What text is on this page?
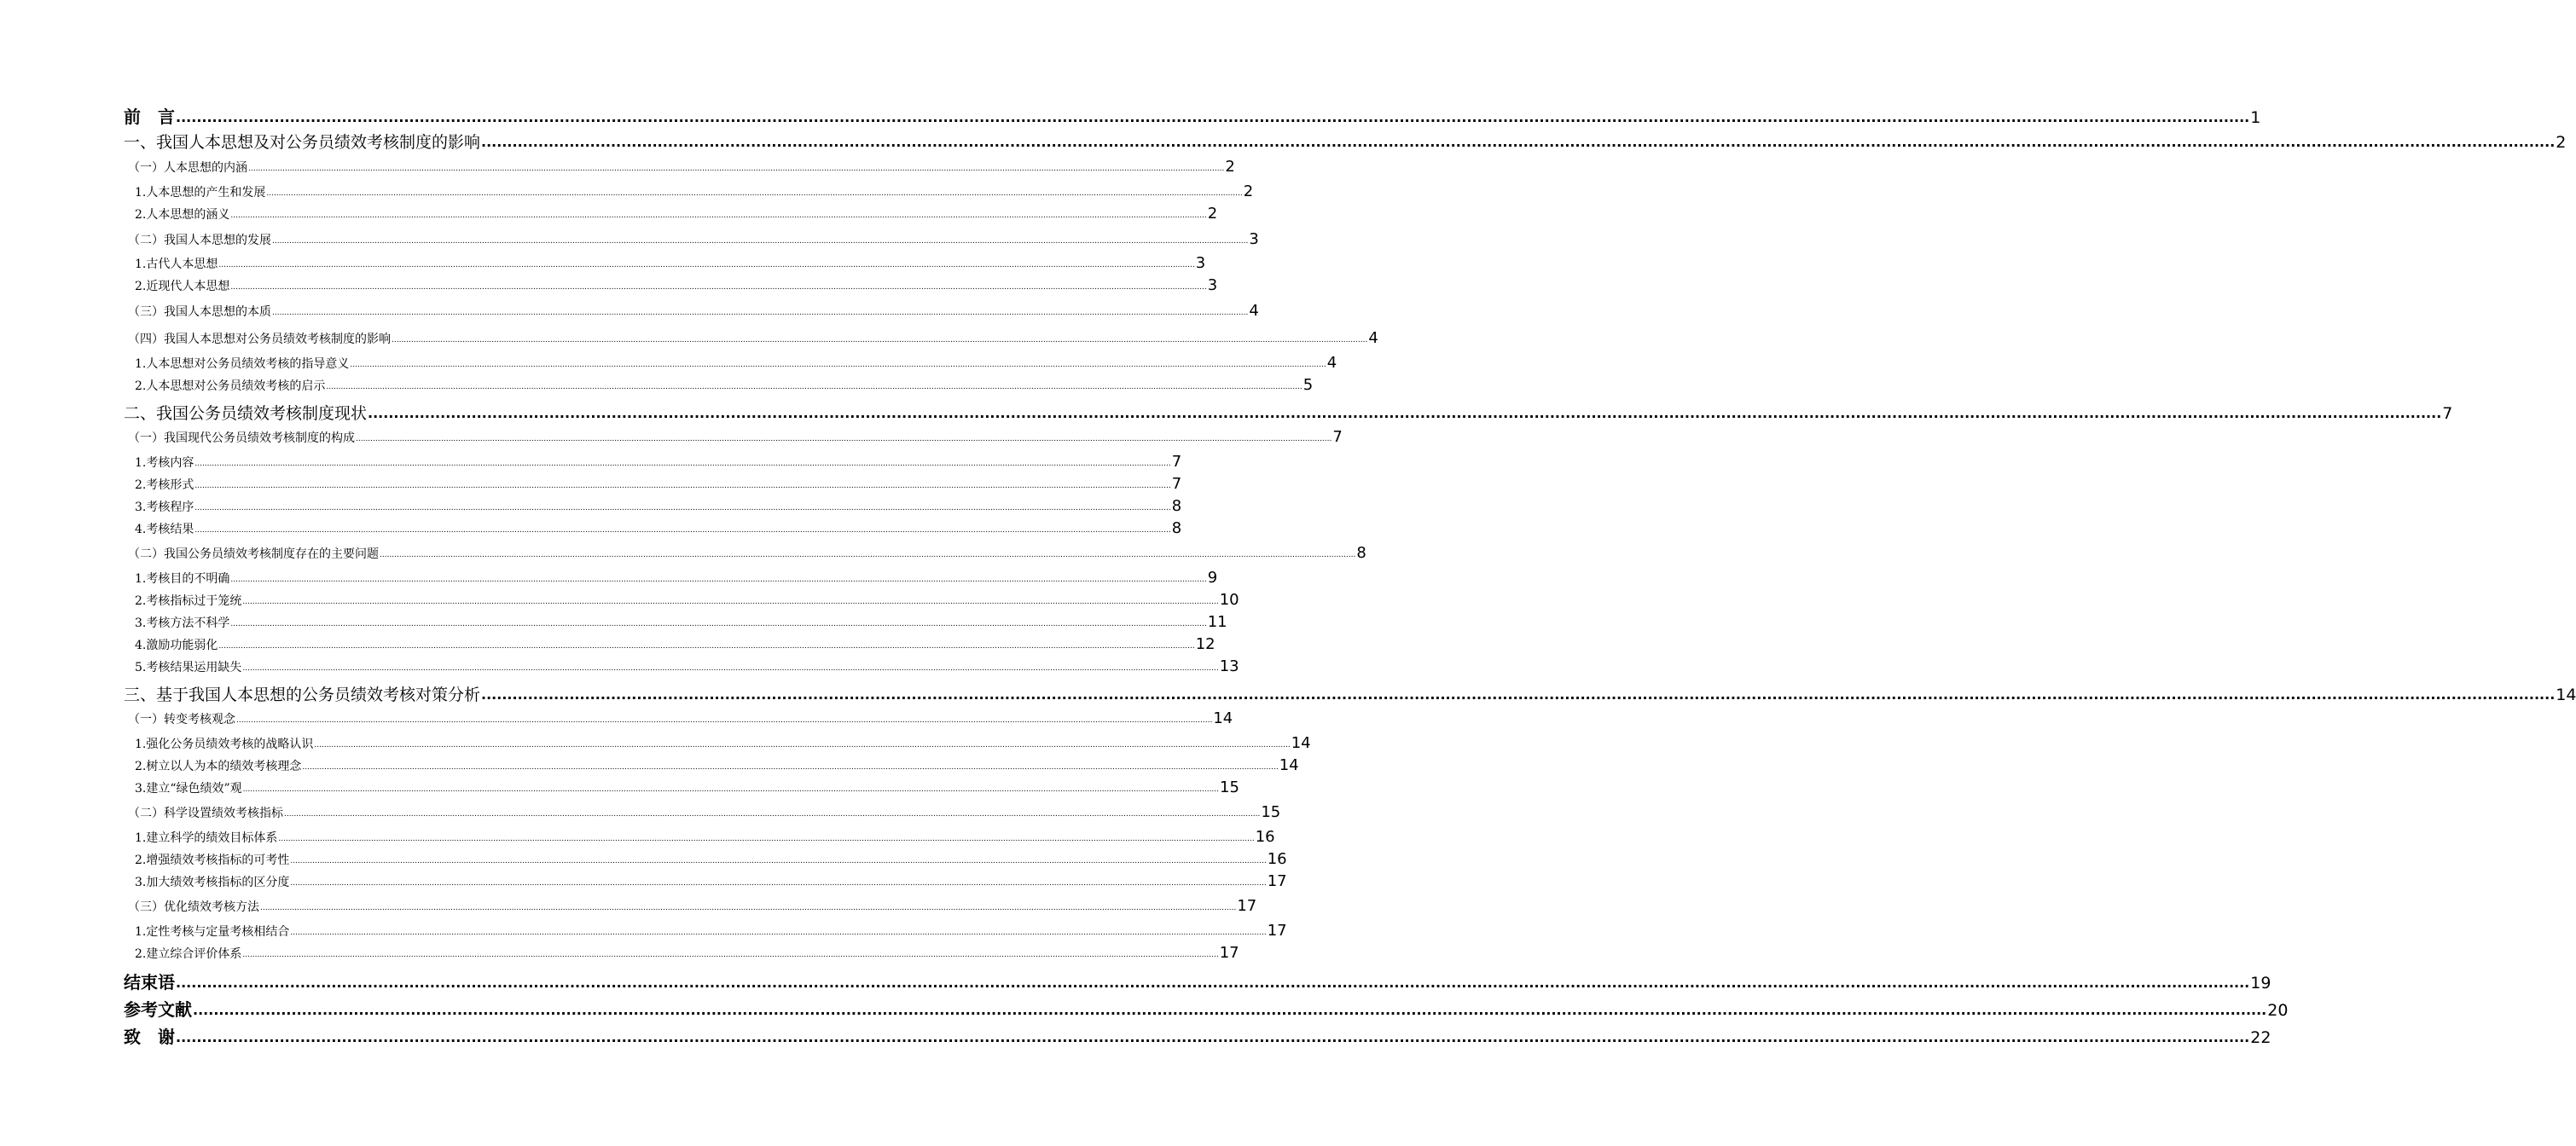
前　言 ................................................................................................................................................................................................................................................................................................................................................................................................................ 1
一、我国人本思想及对公务员绩效考核制度的影响 ................................................................................................................................................................................................................................................................................................................................................................................................................ 2
（一）人本思想的内涵 ................................................................................................................................................................................................................................................................................................................................................................................................................ 2
1.人本思想的产生和发展 ................................................................................................................................................................................................................................................................................................................................................................................................................ 2
2.人本思想的涵义 ................................................................................................................................................................................................................................................................................................................................................................................................................ 2
（二）我国人本思想的发展 ................................................................................................................................................................................................................................................................................................................................................................................................................ 3
1.古代人本思想 ................................................................................................................................................................................................................................................................................................................................................................................................................ 3
2.近现代人本思想 ................................................................................................................................................................................................................................................................................................................................................................................................................ 3
（三）我国人本思想的本质 ................................................................................................................................................................................................................................................................................................................................................................................................................ 4
（四）我国人本思想对公务员绩效考核制度的影响 ................................................................................................................................................................................................................................................................................................................................................................................................................ 4
1.人本思想对公务员绩效考核的指导意义 ................................................................................................................................................................................................................................................................................................................................................................................................................ 4
2.人本思想对公务员绩效考核的启示 ................................................................................................................................................................................................................................................................................................................................................................................................................ 5
二、我国公务员绩效考核制度现状 ................................................................................................................................................................................................................................................................................................................................................................................................................ 7
（一）我国现代公务员绩效考核制度的构成 ................................................................................................................................................................................................................................................................................................................................................................................................................ 7
1.考核内容 ................................................................................................................................................................................................................................................................................................................................................................................................................ 7
2.考核形式 ................................................................................................................................................................................................................................................................................................................................................................................................................ 7
3.考核程序 ................................................................................................................................................................................................................................................................................................................................................................................................................ 8
4.考核结果 ................................................................................................................................................................................................................................................................................................................................................................................................................ 8
（二）我国公务员绩效考核制度存在的主要问题 ................................................................................................................................................................................................................................................................................................................................................................................................................ 8
1.考核目的不明确 ................................................................................................................................................................................................................................................................................................................................................................................................................ 9
2.考核指标过于笼统 ................................................................................................................................................................................................................................................................................................................................................................................................................ 10
3.考核方法不科学 ................................................................................................................................................................................................................................................................................................................................................................................................................ 11
4.激励功能弱化 ................................................................................................................................................................................................................................................................................................................................................................................................................ 12
5.考核结果运用缺失 ................................................................................................................................................................................................................................................................................................................................................................................................................ 13
三、基于我国人本思想的公务员绩效考核对策分析 ................................................................................................................................................................................................................................................................................................................................................................................................................ 14
（一）转变考核观念 ................................................................................................................................................................................................................................................................................................................................................................................................................ 14
1.强化公务员绩效考核的战略认识 ................................................................................................................................................................................................................................................................................................................................................................................................................ 14
2.树立以人为本的绩效考核理念 ................................................................................................................................................................................................................................................................................................................................................................................................................ 14
3.建立“绿色绩效”观 ................................................................................................................................................................................................................................................................................................................................................................................................................ 15
（二）科学设置绩效考核指标 ................................................................................................................................................................................................................................................................................................................................................................................................................ 15
1.建立科学的绩效目标体系 ................................................................................................................................................................................................................................................................................................................................................................................................................ 16
2.增强绩效考核指标的可考性 ................................................................................................................................................................................................................................................................................................................................................................................................................ 16
3.加大绩效考核指标的区分度 ................................................................................................................................................................................................................................................................................................................................................................................................................ 17
（三）优化绩效考核方法 ................................................................................................................................................................................................................................................................................................................................................................................................................ 17
1.定性考核与定量考核相结合 ................................................................................................................................................................................................................................................................................................................................................................................................................ 17
2.建立综合评价体系 ................................................................................................................................................................................................................................................................................................................................................................................................................ 17
结束语 ................................................................................................................................................................................................................................................................................................................................................................................................................ 19
参考文献 ................................................................................................................................................................................................................................................................................................................................................................................................................ 20
致　谢 ................................................................................................................................................................................................................................................................................................................................................................................................................ 22
